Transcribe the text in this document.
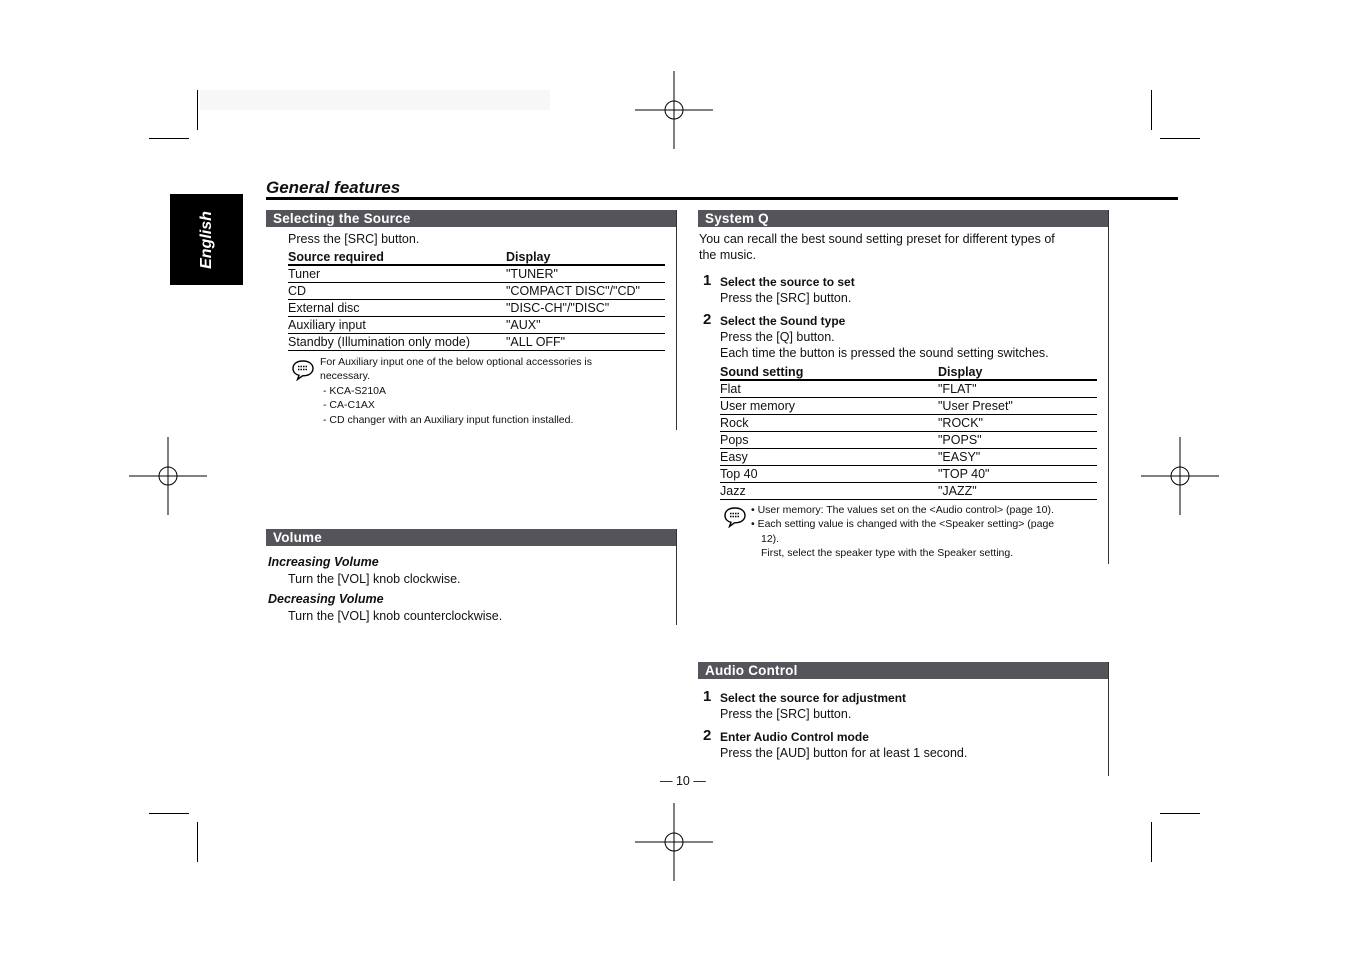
English
General features
Selecting the Source
Press the [SRC] button.
Source required	Display
Tuner	"TUNER"
CD	"COMPACT DISC"/"CD"
External disc	"DISC-CH"/"DISC"
Auxiliary input	"AUX"
Standby (Illumination only mode)	"ALL OFF"
For Auxiliary input one of the below optional accessories is
necessary.
- KCA-S210A
- CA-C1AX
- CD changer with an Auxiliary input function installed.
Volume
Increasing Volume
Turn the [VOL] knob clockwise.
Decreasing Volume
Turn the [VOL] knob counterclockwise.
System Q
You can recall the best sound setting preset for different types of
the music.
1 Select the source to set
Press the [SRC] button.
2 Select the Sound type
Press the [Q] button.
Each time the button is pressed the sound setting switches.
Sound setting	Display
Flat	"FLAT"
User memory	"User Preset"
Rock	"ROCK"
Pops	"POPS"
Easy	"EASY"
Top 40	"TOP 40"
Jazz	"JAZZ"
• User memory: The values set on the <Audio control> (page 10).
• Each setting value is changed with the <Speaker setting> (page
12).
First, select the speaker type with the Speaker setting.
Audio Control
1 Select the source for adjustment
Press the [SRC] button.
2 Enter Audio Control mode
Press the [AUD] button for at least 1 second.
— 10 —
